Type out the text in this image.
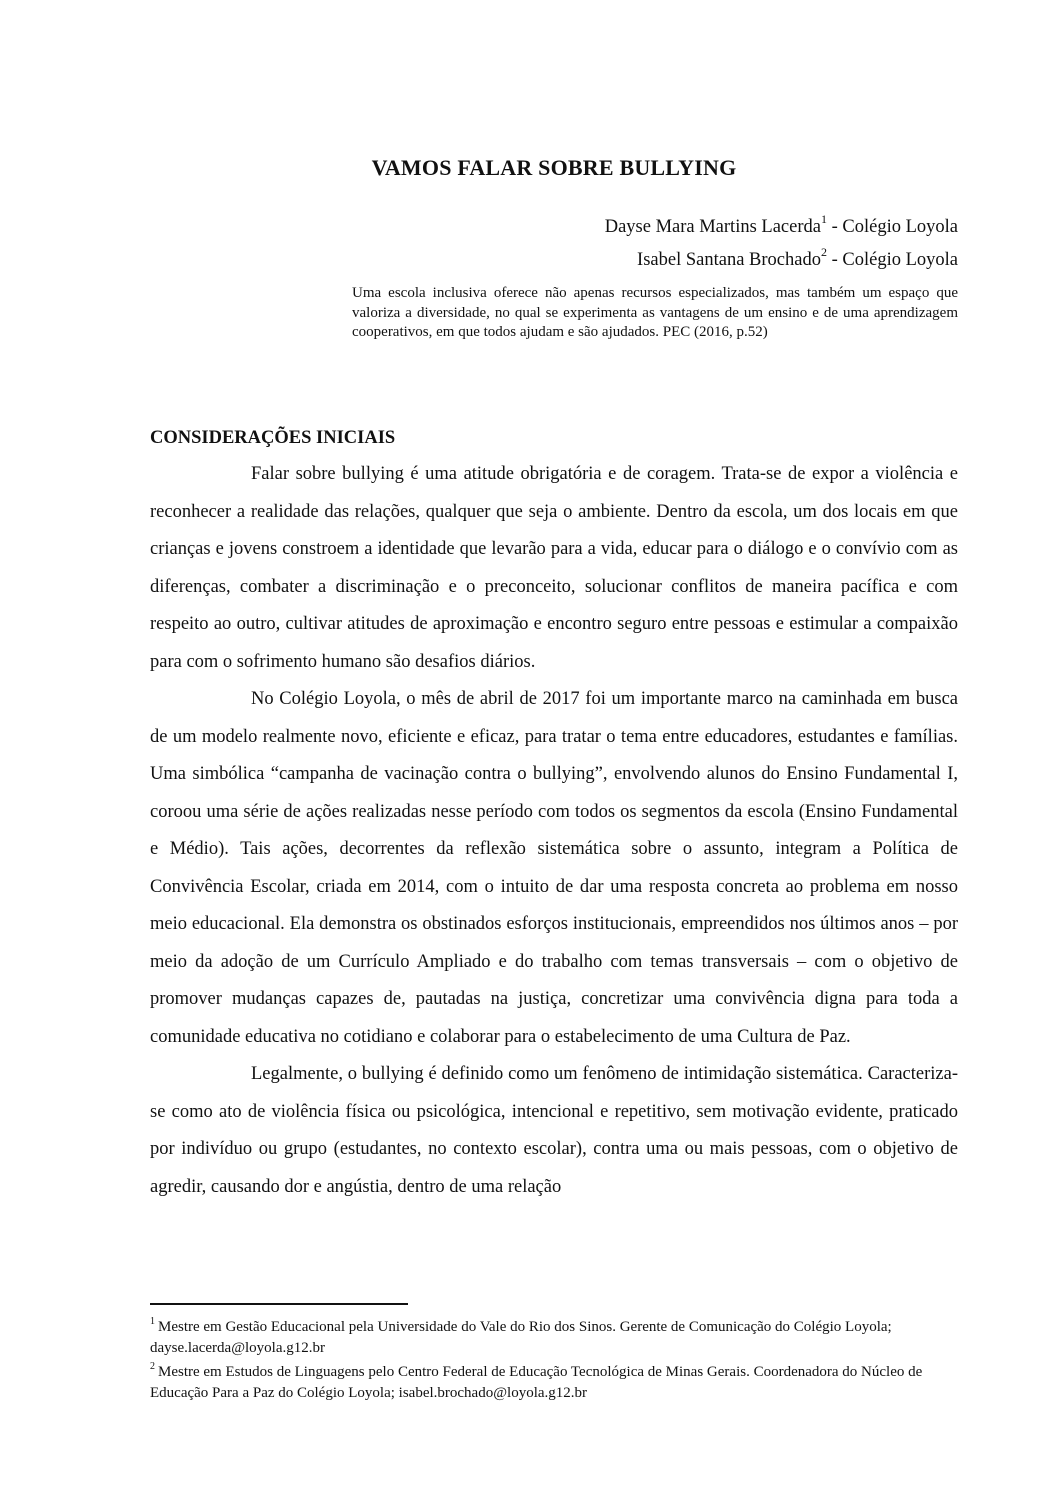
VAMOS FALAR SOBRE BULLYING
Dayse Mara Martins Lacerda$^1$ - Colégio Loyola
Isabel Santana Brochado$^2$ - Colégio Loyola

Uma escola inclusiva oferece não apenas recursos especializados, mas também um espaço que valoriza a diversidade, no qual se experimenta as vantagens de um ensino e de uma aprendizagem cooperativos, em que todos ajudam e são ajudados. PEC (2016, p.52)

CONSIDERAÇÕES INICIAIS

Falar sobre bullying é uma atitude obrigatória e de coragem. Trata-se de expor a violência e reconhecer a realidade das relações, qualquer que seja o ambiente. Dentro da escola, um dos locais em que crianças e jovens constroem a identidade que levarão para a vida, educar para o diálogo e o convívio com as diferenças, combater a discriminação e o preconceito, solucionar conflitos de maneira pacífica e com respeito ao outro, cultivar atitudes de aproximação e encontro seguro entre pessoas e estimular a compaixão para com o sofrimento humano são desafios diários.

No Colégio Loyola, o mês de abril de 2017 foi um importante marco na caminhada em busca de um modelo realmente novo, eficiente e eficaz, para tratar o tema entre educadores, estudantes e famílias. Uma simbólica “campanha de vacinação contra o bullying”, envolvendo alunos do Ensino Fundamental I, coroou uma série de ações realizadas nesse período com todos os segmentos da escola (Ensino Fundamental e Médio). Tais ações, decorrentes da reflexão sistemática sobre o assunto, integram a Política de Convivência Escolar, criada em 2014, com o intuito de dar uma resposta concreta ao problema em nosso meio educacional. Ela demonstra os obstinados esforços institucionais, empreendidos nos últimos anos – por meio da adoção de um Currículo Ampliado e do trabalho com temas transversais – com o objetivo de promover mudanças capazes de, pautadas na justiça, concretizar uma convivência digna para toda a comunidade educativa no cotidiano e colaborar para o estabelecimento de uma Cultura de Paz.

Legalmente, o bullying é definido como um fenômeno de intimidação sistemática. Caracteriza-se como ato de violência física ou psicológica, intencional e repetitivo, sem motivação evidente, praticado por indivíduo ou grupo (estudantes, no contexto escolar), contra uma ou mais pessoas, com o objetivo de agredir, causando dor e angústia, dentro de uma relação

$^1$ Mestre em Gestão Educacional pela Universidade do Vale do Rio dos Sinos. Gerente de Comunicação do Colégio Loyola; dayse.lacerda@loyola.g12.br

$^2$ Mestre em Estudos de Linguagens pelo Centro Federal de Educação Tecnológica de Minas Gerais. Coordenadora do Núcleo de Educação Para a Paz do Colégio Loyola; isabel.brochado@loyola.g12.br
